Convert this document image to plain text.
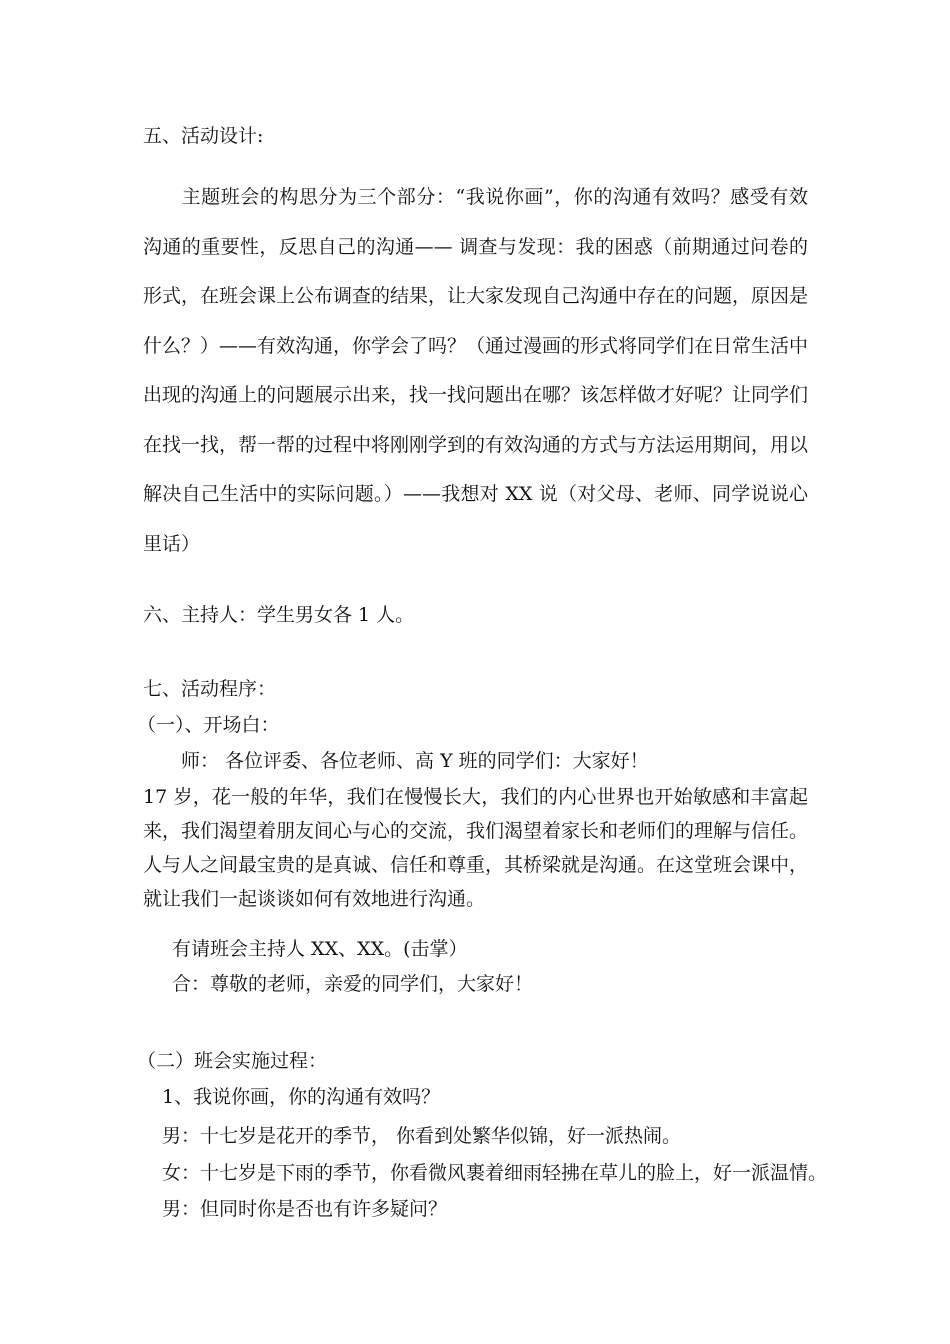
五、活动设计:
主题班会的构思分为三个部分：“我说你画”，你的沟通有效吗？感受有效沟通的重要性，反思自己的沟通—— 调查与发现：我的困惑（前期通过问卷的形式，在班会课上公布调查的结果，让大家发现自己沟通中存在的问题，原因是什么？）——有效沟通，你学会了吗？（通过漫画的形式将同学们在日常生活中出现的沟通上的问题展示出来，找一找问题出在哪？该怎样做才好呢？让同学们在找一找，帮一帮的过程中将刚刚学到的有效沟通的方式与方法运用期间，用以解决自己生活中的实际问题。）——我想对 XX 说（对父母、老师、同学说说心里话）
六、主持人：学生男女各 1 人。
七、活动程序：
（一）、开场白：
师： 各位评委、各位老师、高 Y 班的同学们：大家好！
17 岁，花一般的年华，我们在慢慢长大，我们的内心世界也开始敏感和丰富起来，我们渴望着朋友间心与心的交流，我们渴望着家长和老师们的理解与信任。人与人之间最宝贵的是真诚、信任和尊重，其桥梁就是沟通。在这堂班会课中，就让我们一起谈谈如何有效地进行沟通。
有请班会主持人 XX、XX。(击掌）
合：尊敬的老师，亲爱的同学们，大家好！
（二）班会实施过程：
1、我说你画，你的沟通有效吗？
男：十七岁是花开的季节， 你看到处繁华似锦，好一派热闹。
女：十七岁是下雨的季节，你看微风裹着细雨轻拂在草儿的脸上，好一派温情。
男：但同时你是否也有许多疑问？
